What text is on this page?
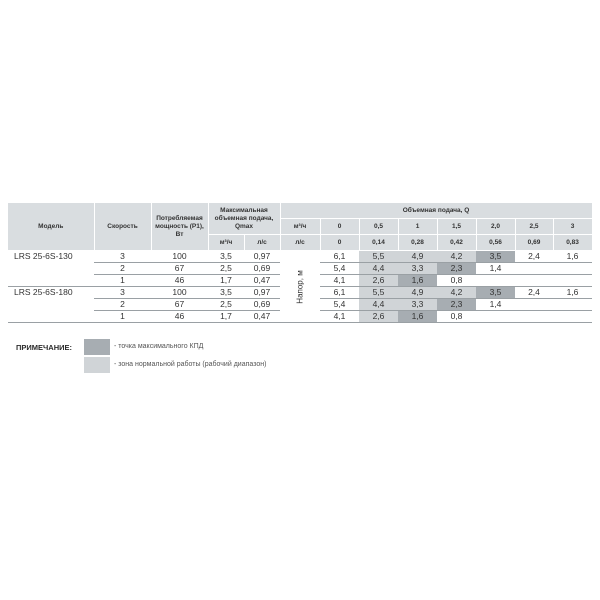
Модель	Скорость	Потребляемая мощность (P1), Вт	Максимальная объемная подача, Qmax		Объемная подача, Q							
					м³/ч	0	0,5	1	1,5	2,0	2,5	3
			м³/ч	л/с	л/с	0	0,14	0,28	0,42	0,56	0,69	0,83
LRS 25-6S-130	3	100	3,5	0,97	Напор, м	6,1	5,5	4,9	4,2	3,5	2,4	1,6
	2	67	2,5	0,69		5,4	4,4	3,3	2,3	1,4		
	1	46	1,7	0,47		4,1	2,6	1,6	0,8			
LRS 25-6S-180	3	100	3,5	0,97		6,1	5,5	4,9	4,2	3,5	2,4	1,6
	2	67	2,5	0,69		5,4	4,4	3,3	2,3	1,4		
	1	46	1,7	0,47		4,1	2,6	1,6	0,8			
ПРИМЕЧАНИЕ:	- точка максимального КПД
- зона нормальной работы (рабочий диапазон)
